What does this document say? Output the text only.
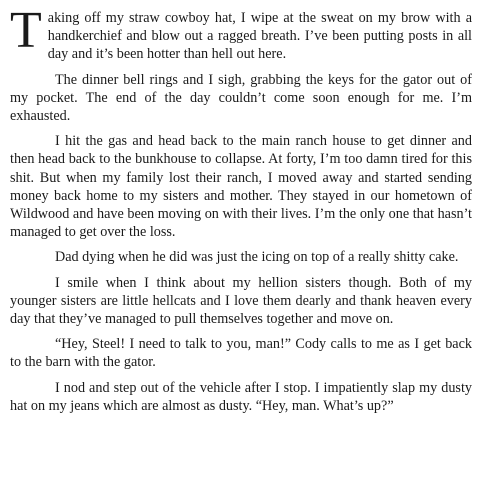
Taking off my straw cowboy hat, I wipe at the sweat on my brow with a handkerchief and blow out a ragged breath. I’ve been putting posts in all day and it’s been hotter than hell out here.

The dinner bell rings and I sigh, grabbing the keys for the gator out of my pocket. The end of the day couldn’t come soon enough for me. I’m exhausted.

I hit the gas and head back to the main ranch house to get dinner and then head back to the bunkhouse to collapse. At forty, I’m too damn tired for this shit. But when my family lost their ranch, I moved away and started sending money back home to my sisters and mother. They stayed in our hometown of Wildwood and have been moving on with their lives. I’m the only one that hasn’t managed to get over the loss.

Dad dying when he did was just the icing on top of a really shitty cake.

I smile when I think about my hellion sisters though. Both of my younger sisters are little hellcats and I love them dearly and thank heaven every day that they’ve managed to pull themselves together and move on.

“Hey, Steel! I need to talk to you, man!” Cody calls to me as I get back to the barn with the gator.

I nod and step out of the vehicle after I stop. I impatiently slap my dusty hat on my jeans which are almost as dusty. “Hey, man. What’s up?”
